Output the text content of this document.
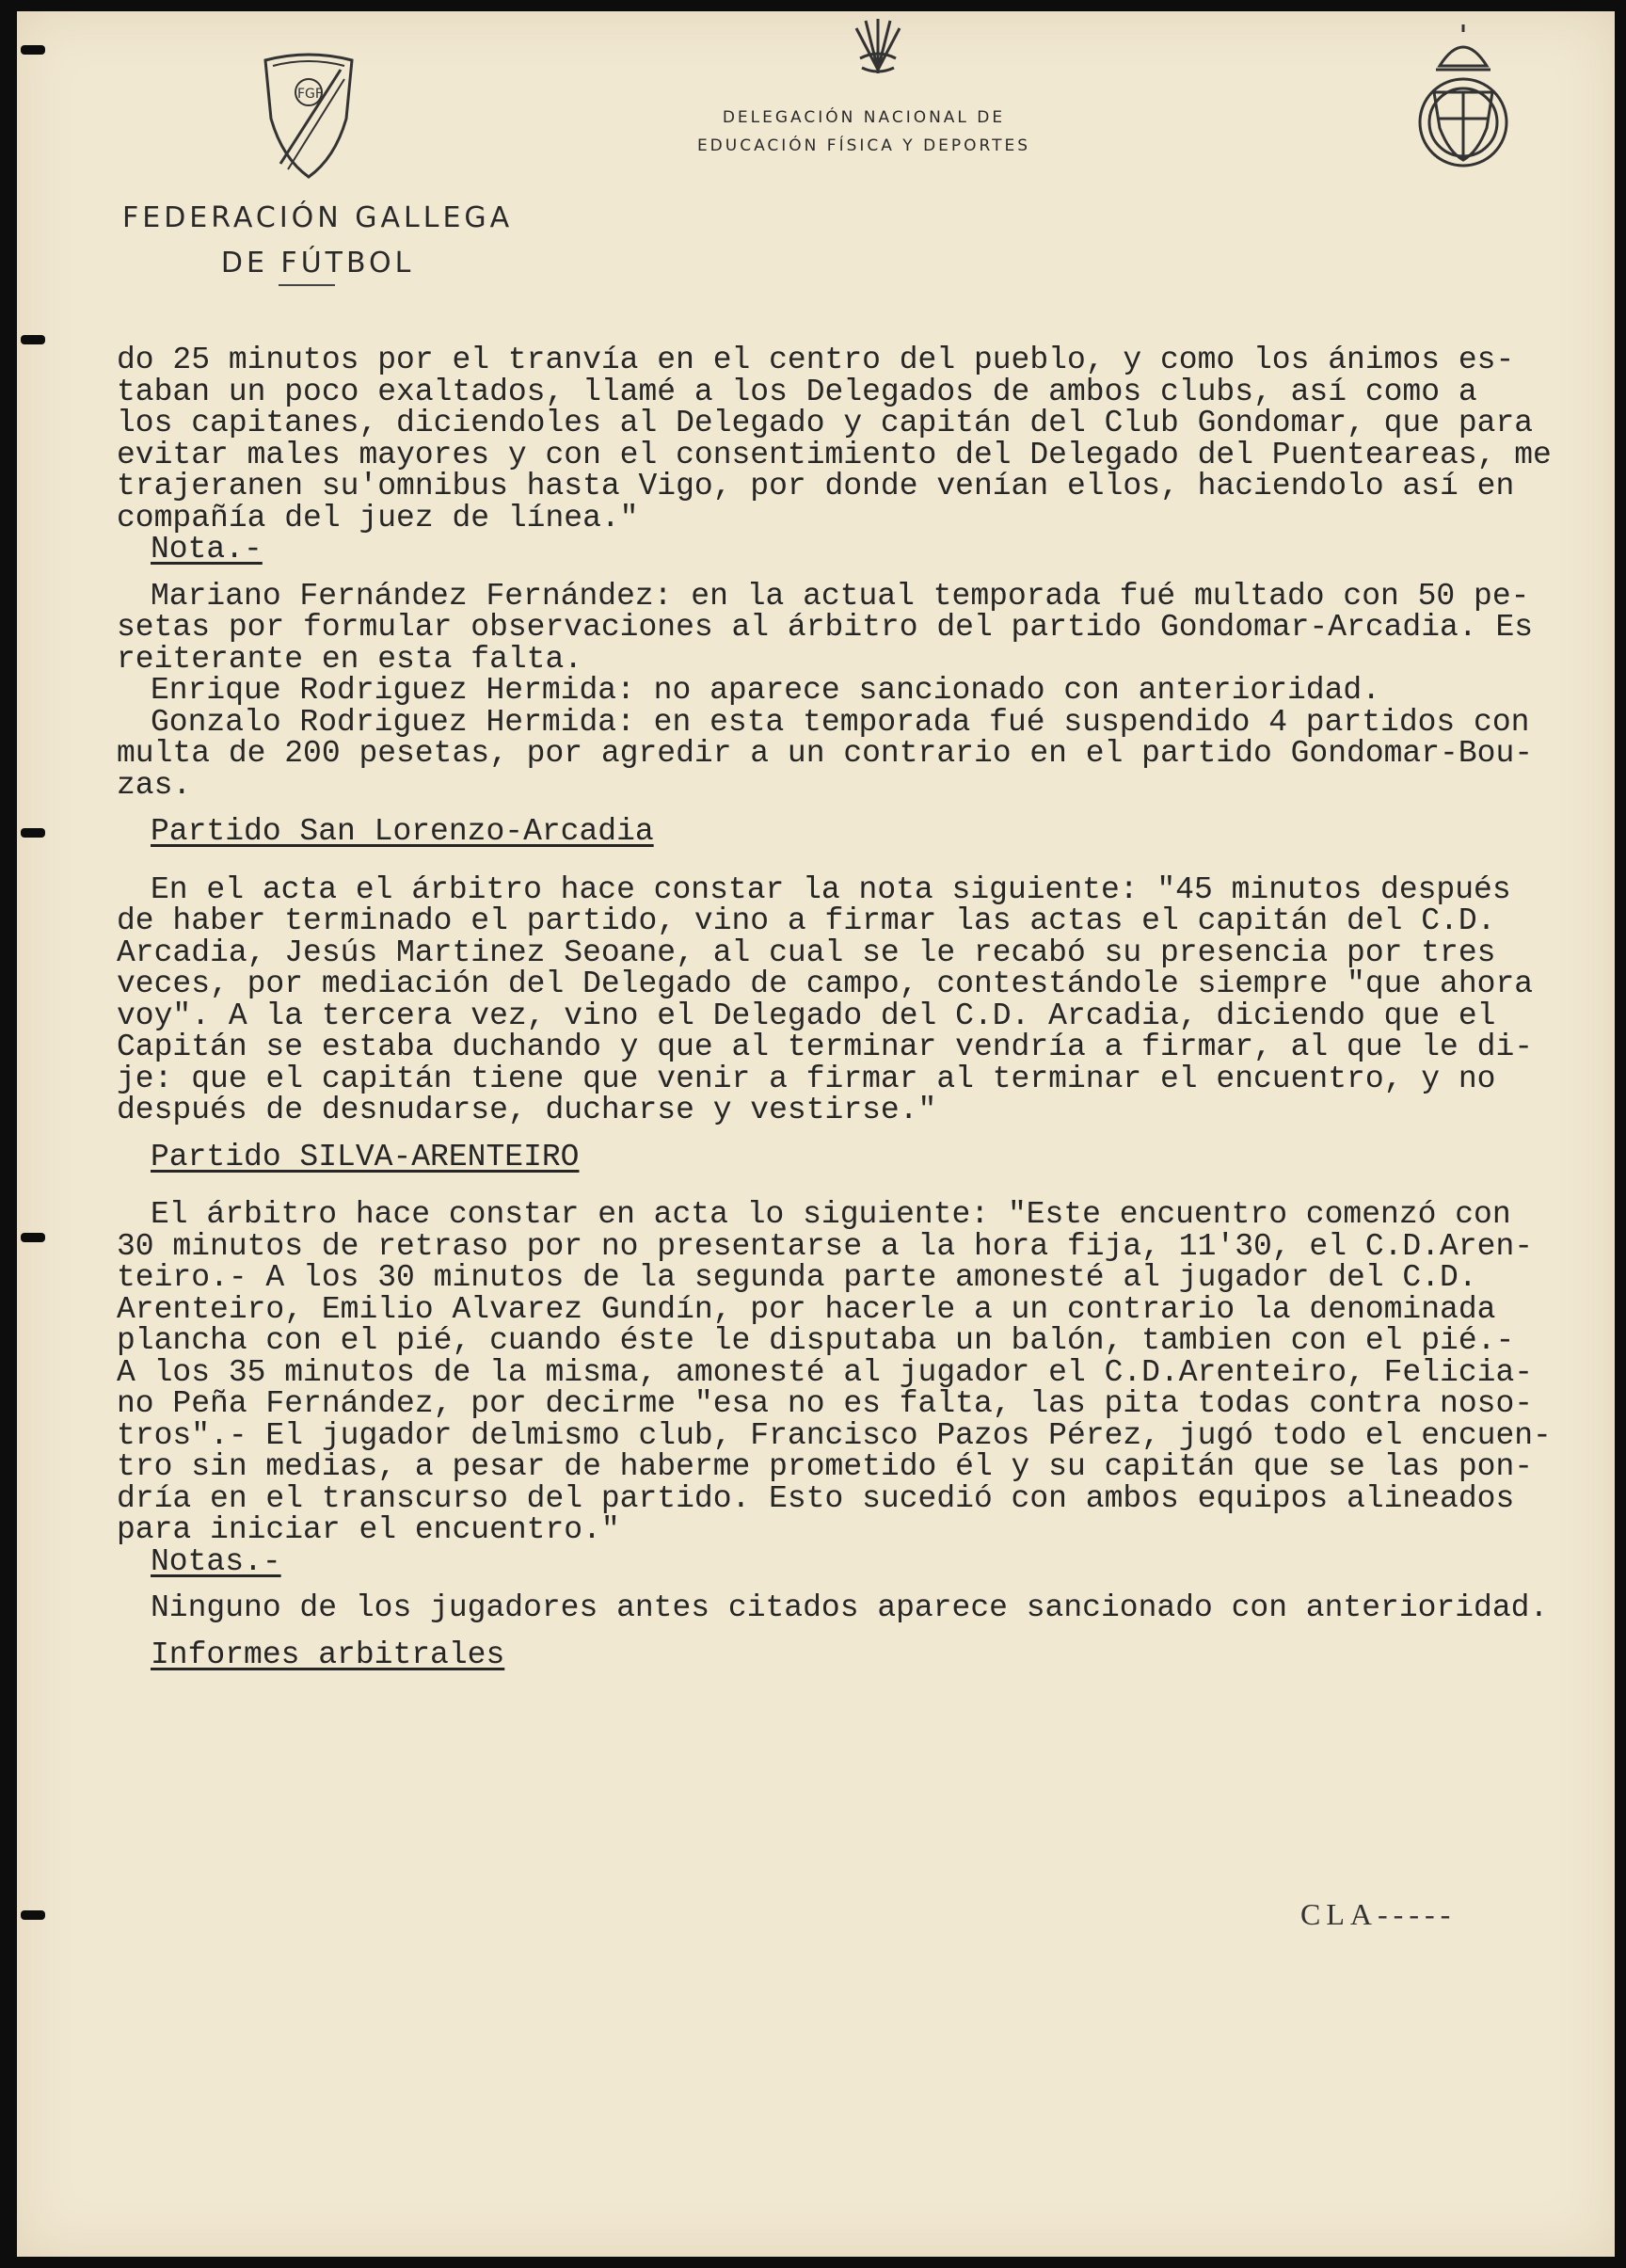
FGF
DELEGACIÓN NACIONAL DE
EDUCACIÓN FÍSICA Y DEPORTES
FEDERACIÓN GALLEGA
DE FÚTBOL
do 25 minutos por el tranvía en el centro del pueblo, y como los ánimos es-
taban un poco exaltados, llamé a los Delegados de ambos clubs, así como a
los capitanes, diciendoles al Delegado y capitán del Club Gondomar, que para
evitar males mayores y con el consentimiento del Delegado del Puenteareas, me
trajeranen su'omnibus hasta Vigo, por donde venían ellos, haciendolo así en
compañía del juez de línea."
Nota.-
Mariano Fernández Fernández: en la actual temporada fué multado con 50 pe-
setas por formular observaciones al árbitro del partido Gondomar-Arcadia. Es
reiterante en esta falta.
Enrique Rodriguez Hermida: no aparece sancionado con anterioridad.
Gonzalo Rodriguez Hermida: en esta temporada fué suspendido 4 partidos con
multa de 200 pesetas, por agredir a un contrario en el partido Gondomar-Bou-
zas.
Partido San Lorenzo-Arcadia
En el acta el árbitro hace constar la nota siguiente: "45 minutos después
de haber terminado el partido, vino a firmar las actas el capitán del C.D.
Arcadia, Jesús Martinez Seoane, al cual se le recabó su presencia por tres
veces, por mediación del Delegado de campo, contestándole siempre "que ahora
voy". A la tercera vez, vino el Delegado del C.D. Arcadia, diciendo que el
Capitán se estaba duchando y que al terminar vendría a firmar, al que le di-
je: que el capitán tiene que venir a firmar al terminar el encuentro, y no
después de desnudarse, ducharse y vestirse."
Partido SILVA-ARENTEIRO
El árbitro hace constar en acta lo siguiente: "Este encuentro comenzó con
30 minutos de retraso por no presentarse a la hora fija, 11'30, el C.D.Aren-
teiro.- A los 30 minutos de la segunda parte amonesté al jugador del C.D.
Arenteiro, Emilio Alvarez Gundín, por hacerle a un contrario la denominada
plancha con el pié, cuando éste le disputaba un balón, tambien con el pié.-
A los 35 minutos de la misma, amonesté al jugador el C.D.Arenteiro, Felicia-
no Peña Fernández, por decirme "esa no es falta, las pita todas contra noso-
tros".- El jugador delmismo club, Francisco Pazos Pérez, jugó todo el encuen-
tro sin medias, a pesar de haberme prometido él y su capitán que se las pon-
dría en el transcurso del partido. Esto sucedió con ambos equipos alineados
para iniciar el encuentro."
Notas.-
Ninguno de los jugadores antes citados aparece sancionado con anterioridad.
Informes arbitrales
CLA-----
